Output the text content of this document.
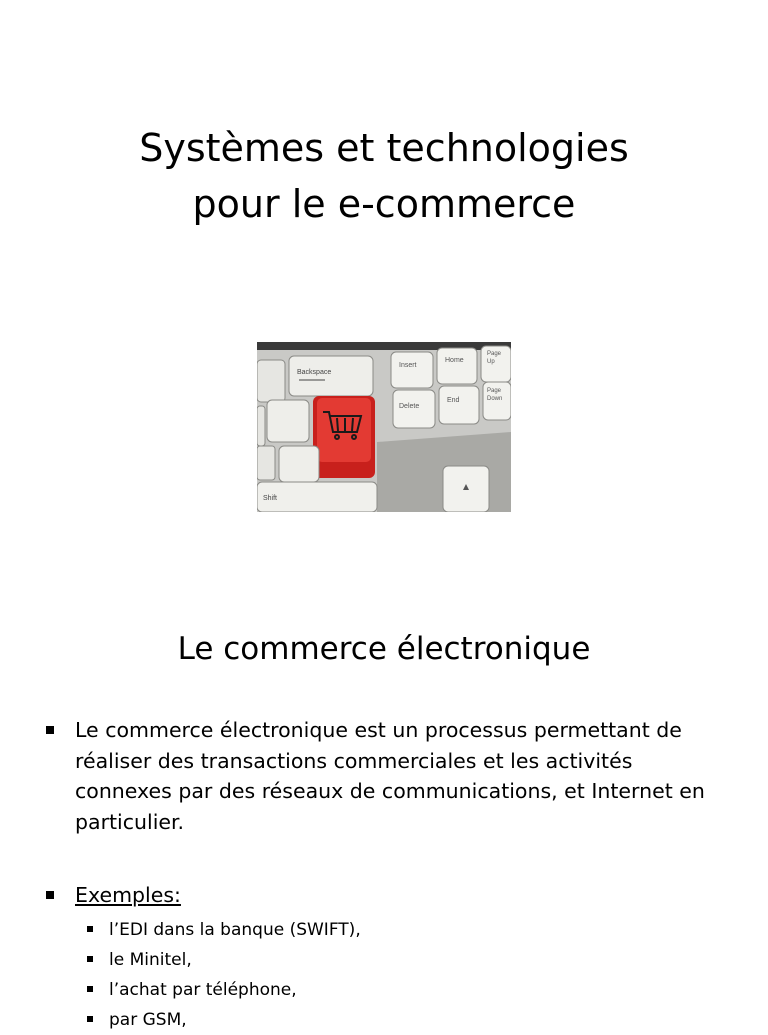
Systèmes et technologies
pour le e-commerce
Backspace
Shift
Insert
Home
Page
Up
Delete
End
Page
Down
Le commerce électronique
Le commerce électronique est un processus permettant de réaliser des transactions commerciales et les activités connexes par des réseaux de communications, et Internet en particulier.
Exemples:
l’EDI dans la banque (SWIFT),
le Minitel,
l’achat par téléphone,
par GSM,
